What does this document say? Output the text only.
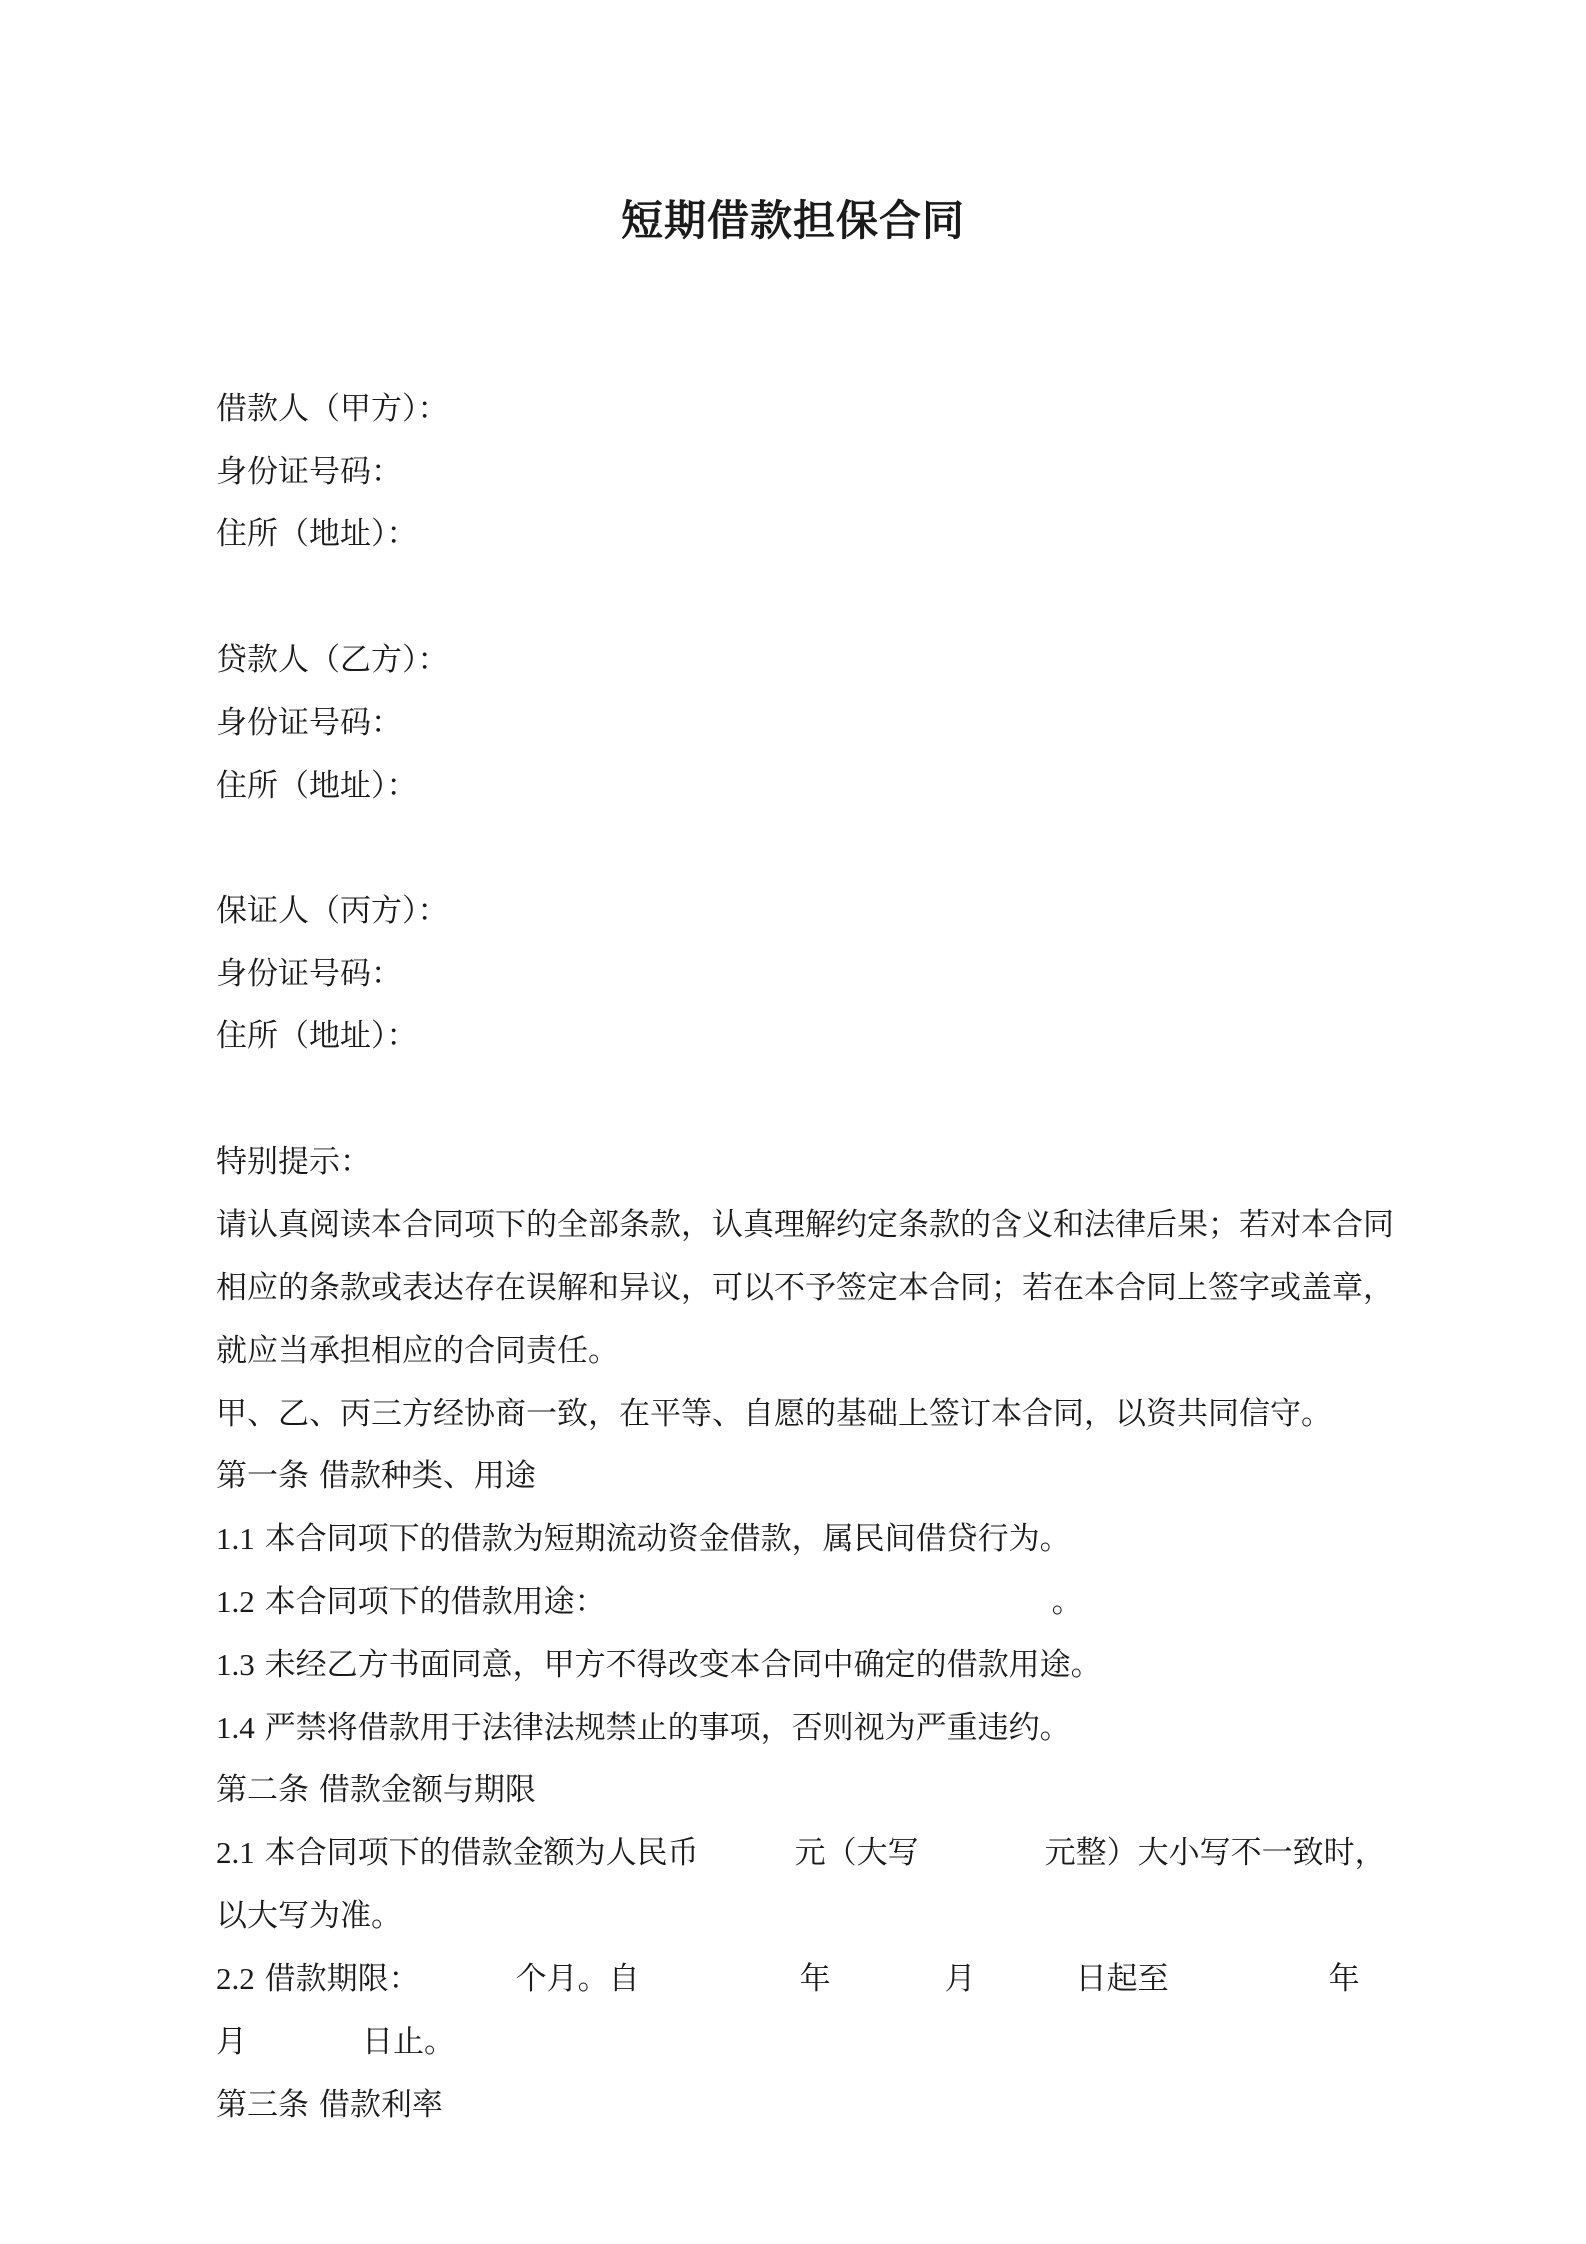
短期借款担保合同
借款人（甲方）：
身份证号码：
住所（地址）：
贷款人（乙方）：
身份证号码：
住所（地址）：
保证人（丙方）：
身份证号码：
住所（地址）：
特别提示：
请认真阅读本合同项下的全部条款，认真理解约定条款的含义和法律后果；若对本合同
相应的条款或表达存在误解和异议，可以不予签定本合同；若在本合同上签字或盖章，
就应当承担相应的合同责任。
甲、乙、丙三方经协商一致，在平等、自愿的基础上签订本合同，以资共同信守。
第一条 借款种类、用途
1.1 本合同项下的借款为短期流动资金借款，属民间借贷行为。
1.2 本合同项下的借款用途：	。
1.3 未经乙方书面同意，甲方不得改变本合同中确定的借款用途。
1.4 严禁将借款用于法律法规禁止的事项，否则视为严重违约。
第二条 借款金额与期限
2.1 本合同项下的借款金额为人民币	元（大写	元整）大小写不一致时，
以大写为准。
2.2 借款期限：	个月。自	年	月	日起至	年
月	日止。
第三条 借款利率
